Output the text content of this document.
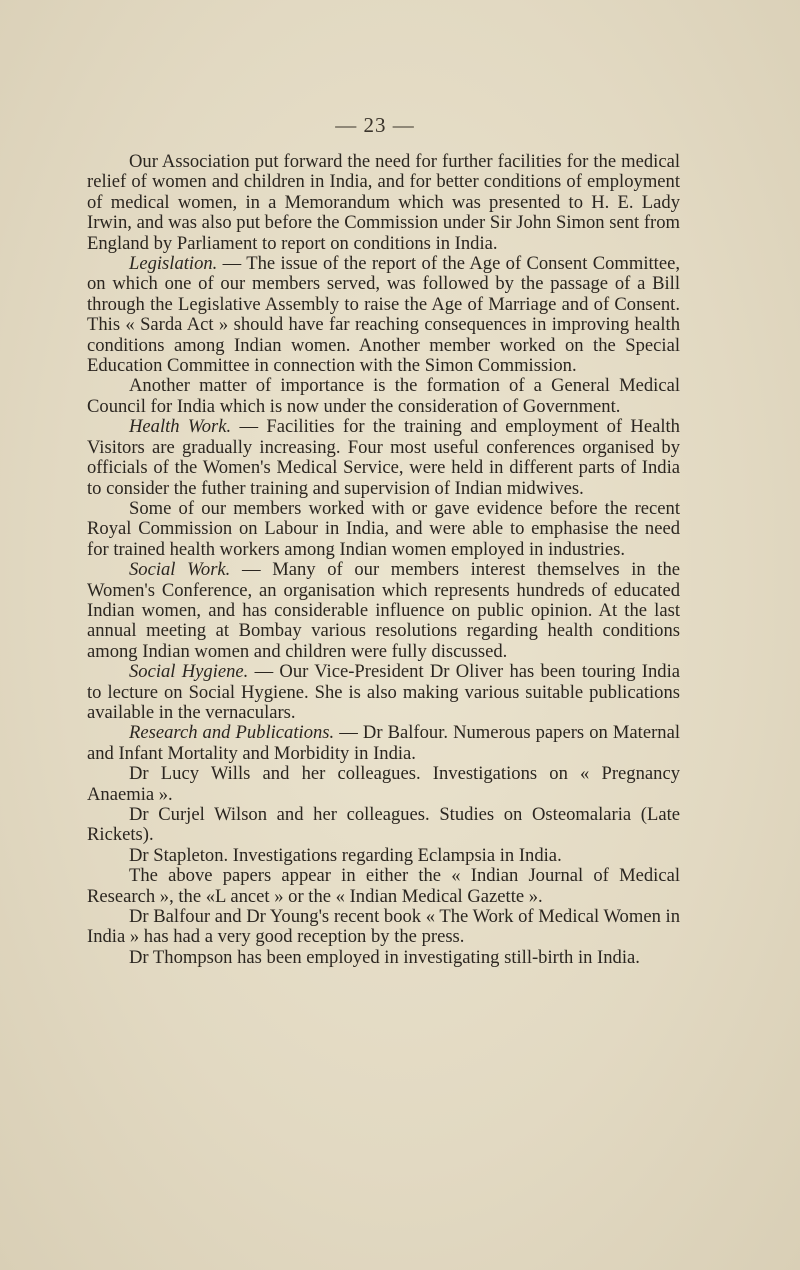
— 23 —

Our Association put forward the need for further facilities for the medical relief of women and children in India, and for better conditions of employment of medical women, in a Memorandum which was presented to H. E. Lady Irwin, and was also put before the Commission under Sir John Simon sent from England by Parliament to report on conditions in India.

Legislation. — The issue of the report of the Age of Consent Committee, on which one of our members served, was followed by the passage of a Bill through the Legislative Assembly to raise the Age of Marriage and of Consent. This « Sarda Act » should have far reaching consequences in improving health conditions among Indian women. Another member worked on the Special Education Committee in connection with the Simon Commission.

Another matter of importance is the formation of a General Medical Council for India which is now under the consideration of Government.

Health Work. — Facilities for the training and employment of Health Visitors are gradually increasing. Four most useful conferences organised by officials of the Women's Medical Service, were held in different parts of India to consider the futher training and supervision of Indian midwives.

Some of our members worked with or gave evidence before the recent Royal Commission on Labour in India, and were able to emphasise the need for trained health workers among Indian women employed in industries.

Social Work. — Many of our members interest themselves in the Women's Conference, an organisation which represents hundreds of educated Indian women, and has considerable influence on public opinion. At the last annual meeting at Bombay various resolutions regarding health conditions among Indian women and children were fully discussed.

Social Hygiene. — Our Vice-President Dr Oliver has been touring India to lecture on Social Hygiene. She is also making various suitable publications available in the vernaculars.

Research and Publications. — Dr Balfour. Numerous papers on Maternal and Infant Mortality and Morbidity in India.

Dr Lucy Wills and her colleagues. Investigations on « Pregnancy Anaemia ».

Dr Curjel Wilson and her colleagues. Studies on Osteomalaria (Late Rickets).

Dr Stapleton. Investigations regarding Eclampsia in India.

The above papers appear in either the « Indian Journal of Medical Research », the «L ancet » or the « Indian Medical Gazette ».

Dr Balfour and Dr Young's recent book « The Work of Medical Women in India » has had a very good reception by the press.

Dr Thompson has been employed in investigating still-birth in India.
